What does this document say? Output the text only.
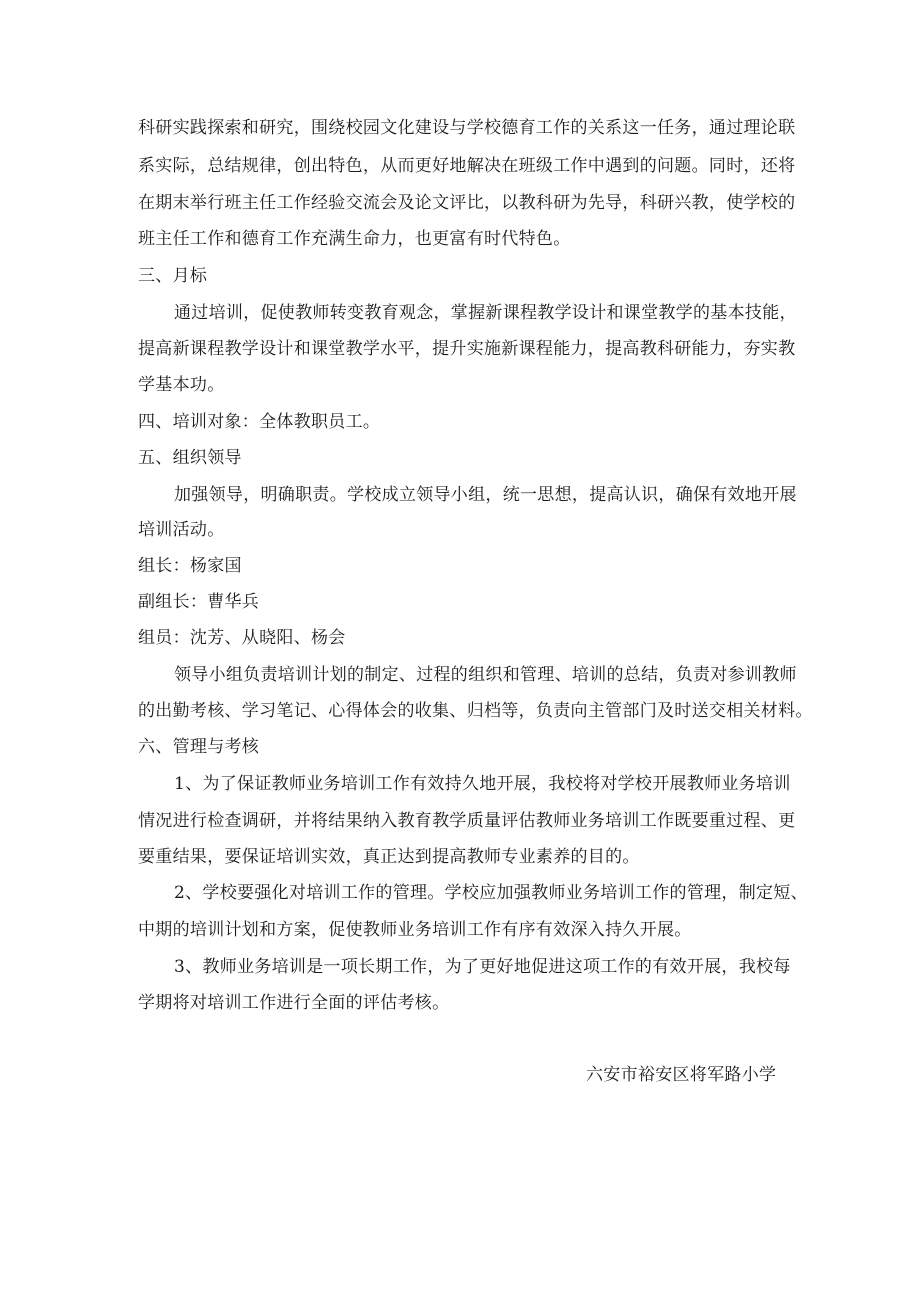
科研实践探索和研究，围绕校园文化建设与学校德育工作的关系这一任务，通过理论联
系实际，总结规律，创出特色，从而更好地解决在班级工作中遇到的问题。同时，还将
在期末举行班主任工作经验交流会及论文评比，以教科研为先导，科研兴教，使学校的
班主任工作和德育工作充满生命力，也更富有时代特色。
三、月标
通过培训，促使教师转变教育观念，掌握新课程教学设计和课堂教学的基本技能，
提高新课程教学设计和课堂教学水平，提升实施新课程能力，提高教科研能力，夯实教
学基本功。
四、培训对象：全体教职员工。
五、组织领导
加强领导，明确职责。学校成立领导小组，统一思想，提高认识，确保有效地开展
培训活动。
组长：杨家国
副组长：曹华兵
组员：沈芳、从晓阳、杨会
领导小组负责培训计划的制定、过程的组织和管理、培训的总结，负责对参训教师
的出勤考核、学习笔记、心得体会的收集、归档等，负责向主管部门及时送交相关材料。
六、管理与考核
1、为了保证教师业务培训工作有效持久地开展，我校将对学校开展教师业务培训
情况进行检查调研，并将结果纳入教育教学质量评估教师业务培训工作既要重过程、更
要重结果，要保证培训实效，真正达到提高教师专业素养的目的。
2、学校要强化对培训工作的管理。学校应加强教师业务培训工作的管理，制定短、
中期的培训计划和方案，促使教师业务培训工作有序有效深入持久开展。
3、教师业务培训是一项长期工作，为了更好地促进这项工作的有效开展，我校每
学期将对培训工作进行全面的评估考核。
六安市裕安区将军路小学
